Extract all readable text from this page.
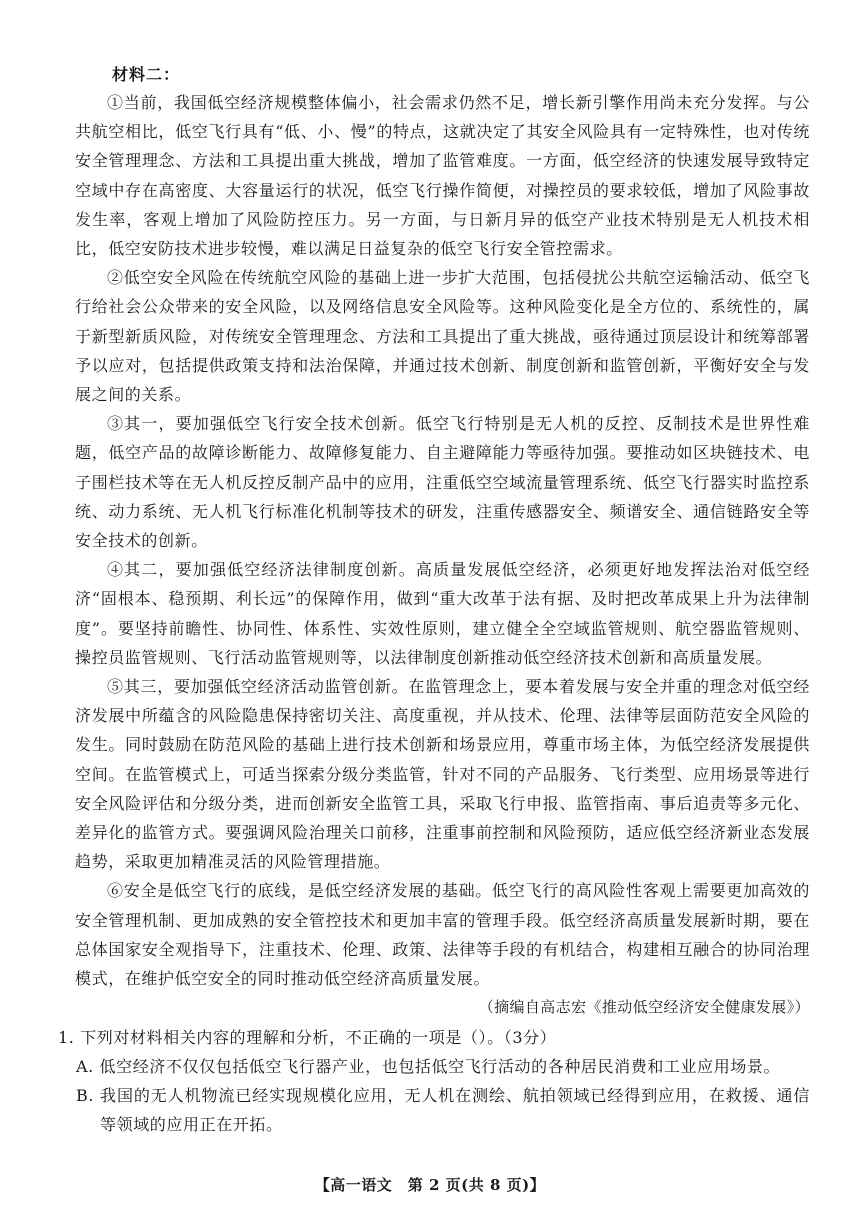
材料二：

①当前，我国低空经济规模整体偏小，社会需求仍然不足，增长新引擎作用尚未充分发挥。与公共航空相比，低空飞行具有“低、小、慢”的特点，这就决定了其安全风险具有一定特殊性，也对传统安全管理理念、方法和工具提出重大挑战，增加了监管难度。一方面，低空经济的快速发展导致特定空域中存在高密度、大容量运行的状况，低空飞行操作简便，对操控员的要求较低，增加了风险事故发生率，客观上增加了风险防控压力。另一方面，与日新月异的低空产业技术特别是无人机技术相比，低空安防技术进步较慢，难以满足日益复杂的低空飞行安全管控需求。

②低空安全风险在传统航空风险的基础上进一步扩大范围，包括侵扰公共航空运输活动、低空飞行给社会公众带来的安全风险，以及网络信息安全风险等。这种风险变化是全方位的、系统性的，属于新型新质风险，对传统安全管理理念、方法和工具提出了重大挑战，亟待通过顶层设计和统筹部署予以应对，包括提供政策支持和法治保障，并通过技术创新、制度创新和监管创新，平衡好安全与发展之间的关系。

③其一，要加强低空飞行安全技术创新。低空飞行特别是无人机的反控、反制技术是世界性难题，低空产品的故障诊断能力、故障修复能力、自主避障能力等亟待加强。要推动如区块链技术、电子围栏技术等在无人机反控反制产品中的应用，注重低空空域流量管理系统、低空飞行器实时监控系统、动力系统、无人机飞行标准化机制等技术的研发，注重传感器安全、频谱安全、通信链路安全等安全技术的创新。

④其二，要加强低空经济法律制度创新。高质量发展低空经济，必须更好地发挥法治对低空经济“固根本、稳预期、利长远”的保障作用，做到“重大改革于法有据、及时把改革成果上升为法律制度”。要坚持前瞻性、协同性、体系性、实效性原则，建立健全全空域监管规则、航空器监管规则、操控员监管规则、飞行活动监管规则等，以法律制度创新推动低空经济技术创新和高质量发展。

⑤其三，要加强低空经济活动监管创新。在监管理念上，要本着发展与安全并重的理念对低空经济发展中所蕴含的风险隐患保持密切关注、高度重视，并从技术、伦理、法律等层面防范安全风险的发生。同时鼓励在防范风险的基础上进行技术创新和场景应用，尊重市场主体，为低空经济发展提供空间。在监管模式上，可适当探索分级分类监管，针对不同的产品服务、飞行类型、应用场景等进行安全风险评估和分级分类，进而创新安全监管工具，采取飞行申报、监管指南、事后追责等多元化、差异化的监管方式。要强调风险治理关口前移，注重事前控制和风险预防，适应低空经济新业态发展趋势，采取更加精准灵活的风险管理措施。

⑥安全是低空飞行的底线，是低空经济发展的基础。低空飞行的高风险性客观上需要更加高效的安全管理机制、更加成熟的安全管控技术和更加丰富的管理手段。低空经济高质量发展新时期，要在总体国家安全观指导下，注重技术、伦理、政策、法律等手段的有机结合，构建相互融合的协同治理模式，在维护低空安全的同时推动低空经济高质量发展。

（摘编自高志宏《推动低空经济安全健康发展》）

1. 下列对材料相关内容的理解和分析，不正确的一项是（）。（3分）

A. 低空经济不仅仅包括低空飞行器产业，也包括低空飞行活动的各种居民消费和工业应用场景。

B. 我国的无人机物流已经实现规模化应用，无人机在测绘、航拍领域已经得到应用，在救援、通信等领域的应用正在开拓。

【高一语文　第 2 页(共 8 页)】
